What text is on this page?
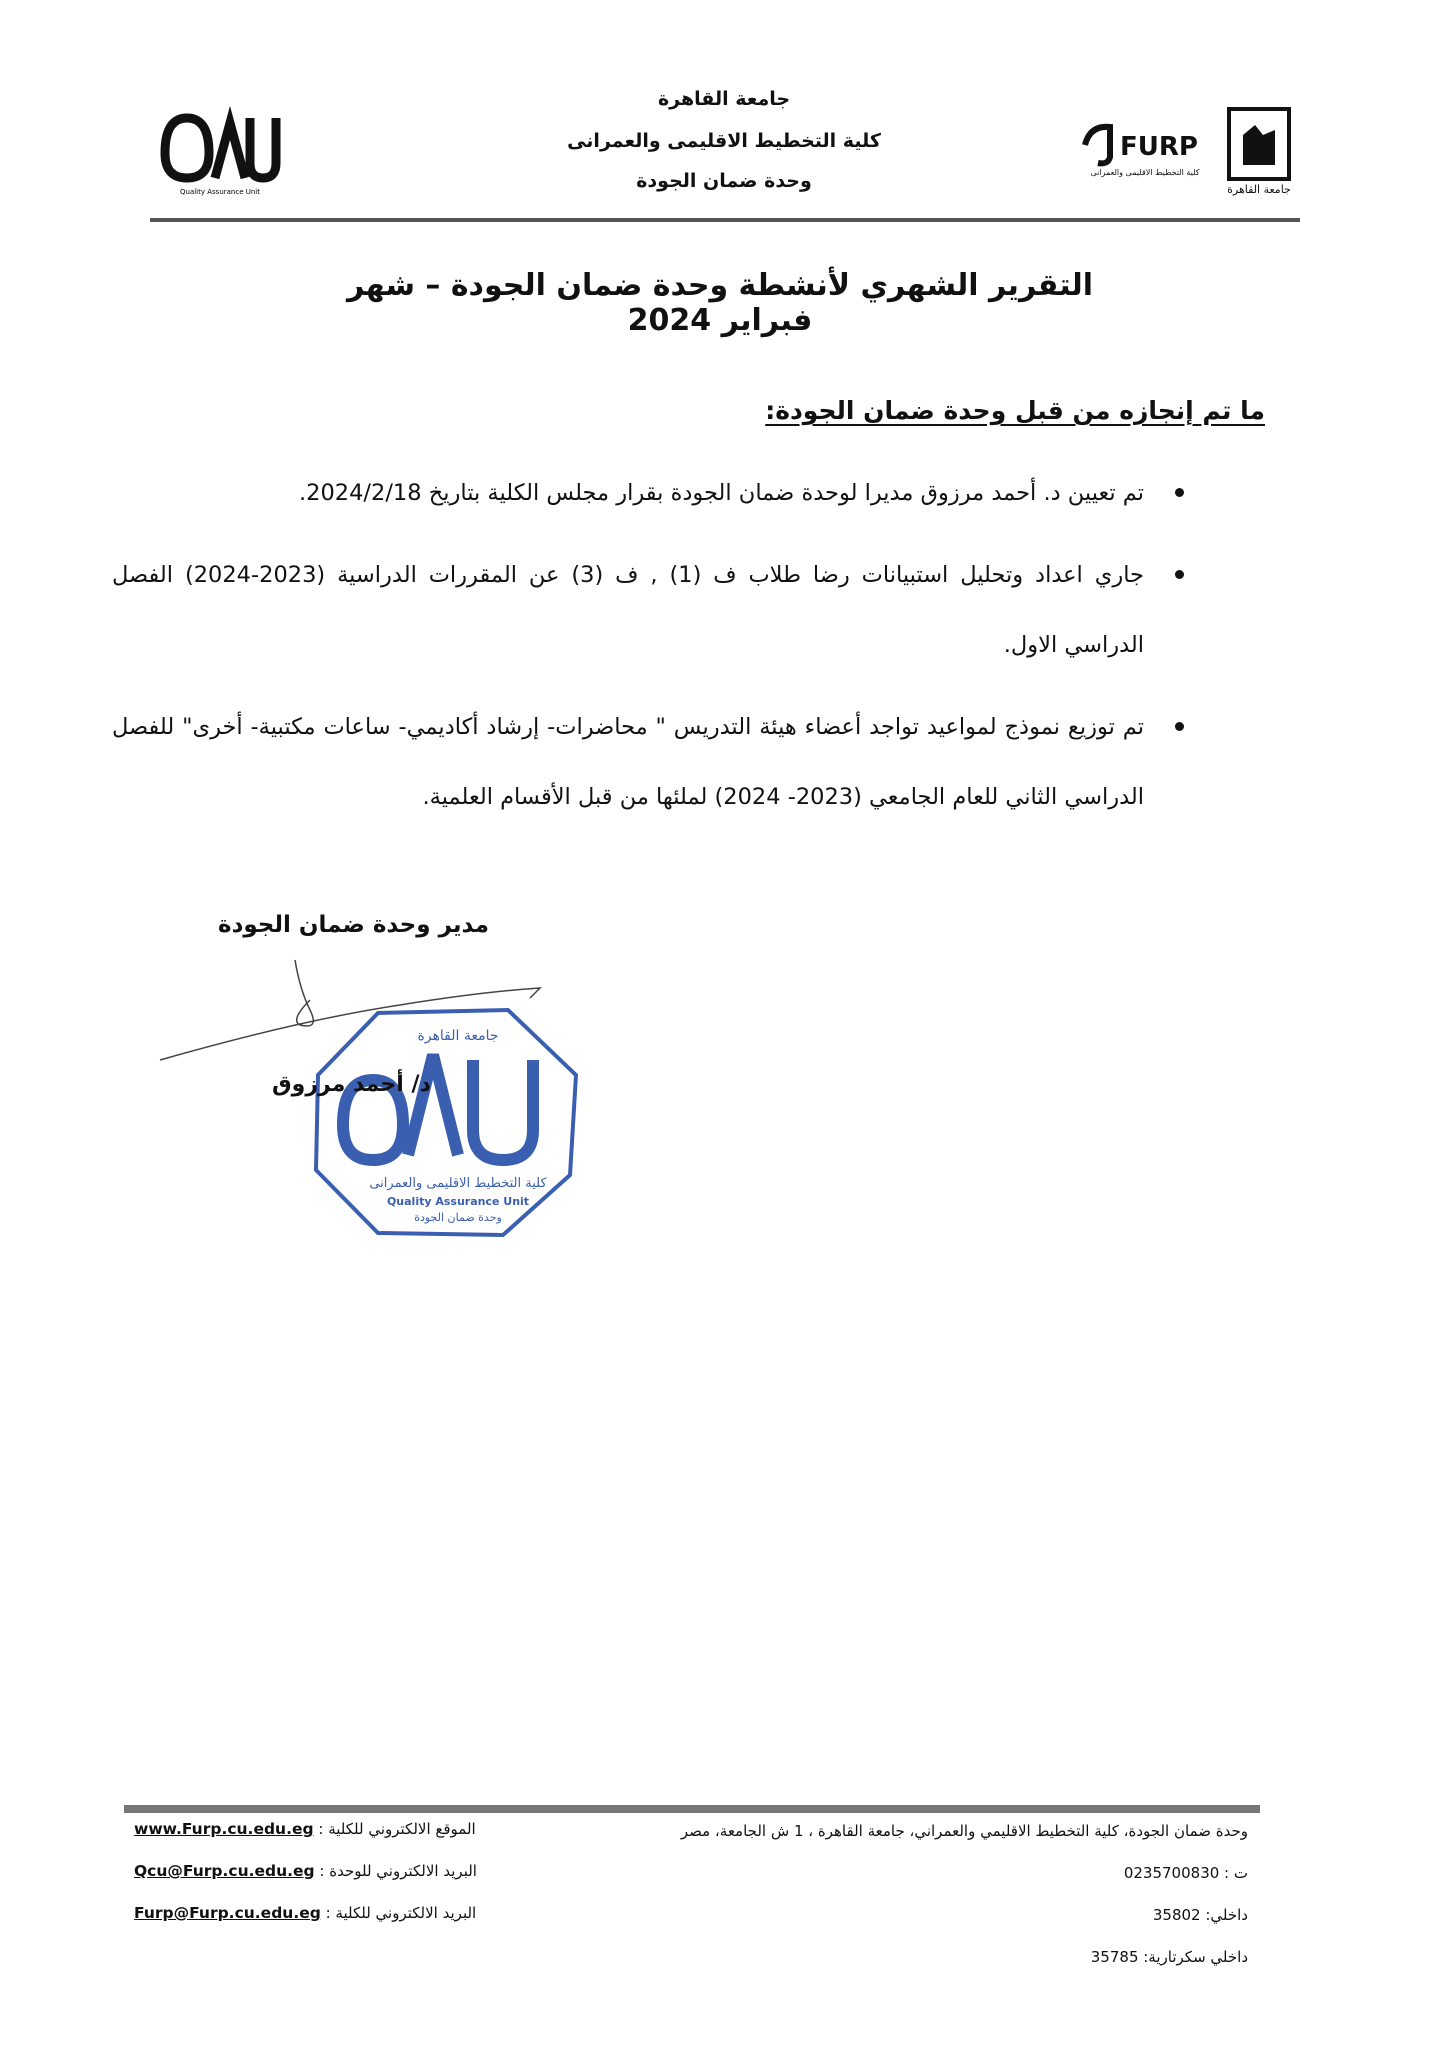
Quality Assurance Unit
FURP
كلية التخطيط الاقليمى والعمرانى
جامعة القاهرة
جامعة القاهرة
كلية التخطيط الاقليمى والعمرانى
وحدة ضمان الجودة
التقرير الشهري لأنشطة وحدة ضمان الجودة – شهر فبراير 2024
ما تم إنجازه من قبل وحدة ضمان الجودة:
تم تعيين د. أحمد مرزوق مديرا لوحدة ضمان الجودة بقرار مجلس الكلية بتاريخ 2024/2/18.
جاري اعداد وتحليل استبيانات رضا طلاب ف (1) , ف (3) عن المقررات الدراسية (2023-2024) الفصل الدراسي الاول.
تم توزيع نموذج لمواعيد تواجد أعضاء هيئة التدريس " محاضرات- إرشاد أكاديمي- ساعات مكتبية- أخرى" للفصل الدراسي الثاني للعام الجامعي (2023- 2024) لملئها من قبل الأقسام العلمية.
مدير وحدة ضمان الجودة
جامعة القاهرة
كلية التخطيط الاقليمى والعمرانى
Quality Assurance Unit
وحدة ضمان الجودة
د/ أحمد مرزوق
وحدة ضمان الجودة، كلية التخطيط الاقليمي والعمراني، جامعة القاهرة ، 1 ش الجامعة، مصر
ت : 0235700830
داخلي: 35802
داخلي سكرتارية: 35785
الموقع الالكتروني للكلية : www.Furp.cu.edu.eg
البريد الالكتروني للوحدة : Qcu@Furp.cu.edu.eg
البريد الالكتروني للكلية : Furp@Furp.cu.edu.eg
